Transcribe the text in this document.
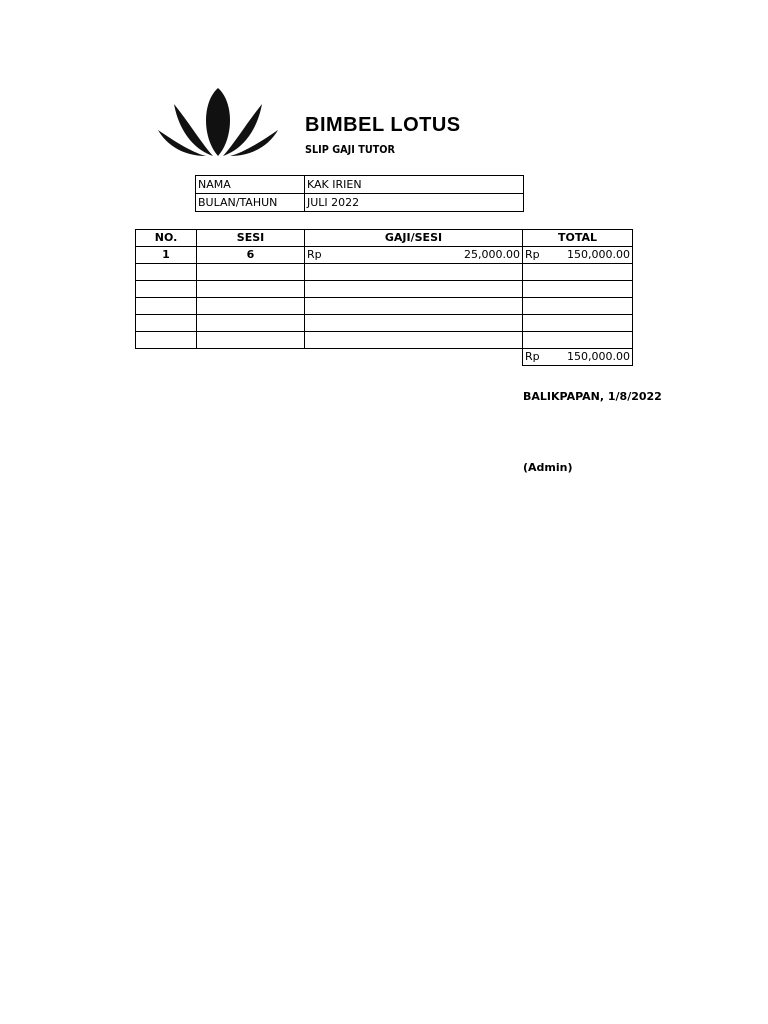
BIMBEL LOTUS
SLIP GAJI TUTOR
NAMA	KAK IRIEN
BULAN/TAHUN	JULI 2022
NO.	SESI	GAJI/SESI	TOTAL
1	6	Rp 25,000.00	Rp 150,000.00

			Rp 150,000.00
BALIKPAPAN, 1/8/2022
(Admin)
